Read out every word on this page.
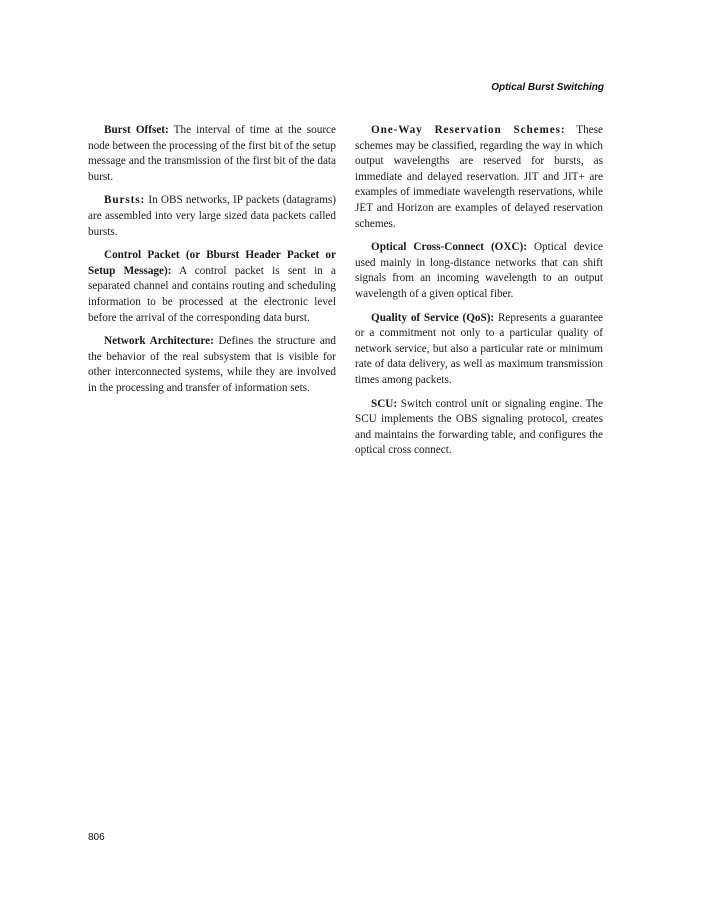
Optical Burst Switching

Burst Offset: The interval of time at the source node between the processing of the first bit of the setup message and the transmission of the first bit of the data burst.

Bursts: In OBS networks, IP packets (datagrams) are assembled into very large sized data packets called bursts.

Control Packet (or Bburst Header Packet or Setup Message): A control packet is sent in a separated channel and contains routing and scheduling information to be processed at the electronic level before the arrival of the corresponding data burst.

Network Architecture: Defines the structure and the behavior of the real subsystem that is visible for other interconnected systems, while they are involved in the processing and transfer of information sets.

One-Way Reservation Schemes: These schemes may be classified, regarding the way in which output wavelengths are reserved for bursts, as immediate and delayed reservation. JIT and JIT+ are examples of immediate wavelength reservations, while JET and Horizon are examples of delayed reservation schemes.

Optical Cross-Connect (OXC): Optical device used mainly in long-distance networks that can shift signals from an incoming wavelength to an output wavelength of a given optical fiber.

Quality of Service (QoS): Represents a guarantee or a commitment not only to a particular quality of network service, but also a particular rate or minimum rate of data delivery, as well as maximum transmission times among packets.

SCU: Switch control unit or signaling engine. The SCU implements the OBS signaling protocol, creates and maintains the forwarding table, and configures the optical cross connect.

806
